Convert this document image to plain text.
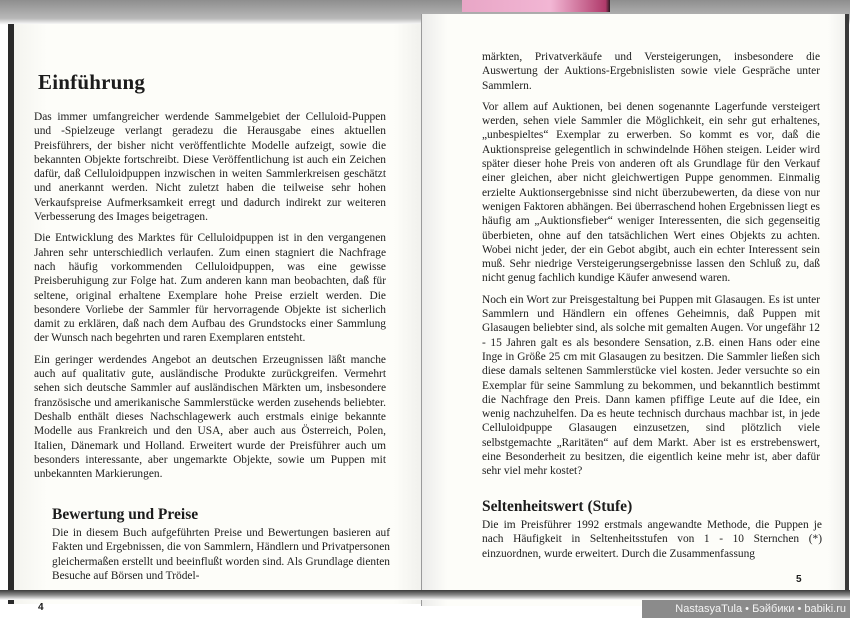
Einführung

Das immer umfangreicher werdende Sammelgebiet der Celluloid-Puppen und -Spielzeuge verlangt geradezu die Herausgabe eines aktuellen Preisführers, der bisher nicht veröffentlichte Modelle aufzeigt, sowie die bekannten Objekte fortschreibt. Diese Veröffentlichung ist auch ein Zeichen dafür, daß Celluloidpuppen inzwischen in weiten Sammlerkreisen geschätzt und anerkannt werden. Nicht zuletzt haben die teilweise sehr hohen Verkaufspreise Aufmerksamkeit erregt und dadurch indirekt zur weiteren Verbesserung des Images beigetragen.

Die Entwicklung des Marktes für Celluloidpuppen ist in den vergangenen Jahren sehr unterschiedlich verlaufen. Zum einen stagniert die Nachfrage nach häufig vorkommenden Celluloidpuppen, was eine gewisse Preisberuhigung zur Folge hat. Zum anderen kann man beobachten, daß für seltene, original erhaltene Exemplare hohe Preise erzielt werden. Die besondere Vorliebe der Sammler für hervorragende Objekte ist sicherlich damit zu erklären, daß nach dem Aufbau des Grundstocks einer Sammlung der Wunsch nach begehrten und raren Exemplaren entsteht.

Ein geringer werdendes Angebot an deutschen Erzeugnissen läßt manche auch auf qualitativ gute, ausländische Produkte zurückgreifen. Vermehrt sehen sich deutsche Sammler auf ausländischen Märkten um, insbesondere französische und amerikanische Sammlerstücke werden zusehends beliebter. Deshalb enthält dieses Nachschlagewerk auch erstmals einige bekannte Modelle aus Frankreich und den USA, aber auch aus Österreich, Polen, Italien, Dänemark und Holland. Erweitert wurde der Preisführer auch um besonders interessante, aber ungemarkte Objekte, sowie um Puppen mit unbekannten Markierungen.

Bewertung und Preise

Die in diesem Buch aufgeführten Preise und Bewertungen basieren auf Fakten und Ergebnissen, die von Sammlern, Händlern und Privatpersonen gleichermaßen erstellt und beeinflußt worden sind. Als Grundlage dienten Besuche auf Börsen und Trödel-

4

märkten, Privatverkäufe und Versteigerungen, insbesondere die Auswertung der Auktions-Ergebnislisten sowie viele Gespräche unter Sammlern.

Vor allem auf Auktionen, bei denen sogenannte Lagerfunde versteigert werden, sehen viele Sammler die Möglichkeit, ein sehr gut erhaltenes, „unbespieltes“ Exemplar zu erwerben. So kommt es vor, daß die Auktionspreise gelegentlich in schwindelnde Höhen steigen. Leider wird später dieser hohe Preis von anderen oft als Grundlage für den Verkauf einer gleichen, aber nicht gleichwertigen Puppe genommen. Einmalig erzielte Auktionsergebnisse sind nicht überzubewerten, da diese von nur wenigen Faktoren abhängen. Bei überraschend hohen Ergebnissen liegt es häufig am „Auktionsfieber“ weniger Interessenten, die sich gegenseitig überbieten, ohne auf den tatsächlichen Wert eines Objekts zu achten. Wobei nicht jeder, der ein Gebot abgibt, auch ein echter Interessent sein muß. Sehr niedrige Versteigerungsergebnisse lassen den Schluß zu, daß nicht genug fachlich kundige Käufer anwesend waren.

Noch ein Wort zur Preisgestaltung bei Puppen mit Glasaugen. Es ist unter Sammlern und Händlern ein offenes Geheimnis, daß Puppen mit Glasaugen beliebter sind, als solche mit gemalten Augen. Vor ungefähr 12 - 15 Jahren galt es als besondere Sensation, z.B. einen Hans oder eine Inge in Größe 25 cm mit Glasaugen zu besitzen. Die Sammler ließen sich diese damals seltenen Sammlerstücke viel kosten. Jeder versuchte so ein Exemplar für seine Sammlung zu bekommen, und bekanntlich bestimmt die Nachfrage den Preis. Dann kamen pfiffige Leute auf die Idee, ein wenig nachzuhelfen. Da es heute technisch durchaus machbar ist, in jede Celluloidpuppe Glasaugen einzusetzen, sind plötzlich viele selbstgemachte „Raritäten“ auf dem Markt. Aber ist es erstrebenswert, eine Besonderheit zu besitzen, die eigentlich keine mehr ist, aber dafür sehr viel mehr kostet?

Seltenheitswert (Stufe)

Die im Preisführer 1992 erstmals angewandte Methode, die Puppen je nach Häufigkeit in Seltenheitsstufen von 1 - 10 Sternchen (*) einzuordnen, wurde erweitert. Durch die Zusammenfassung

5
NastasyaTula • Бэйбики • babiki.ru
